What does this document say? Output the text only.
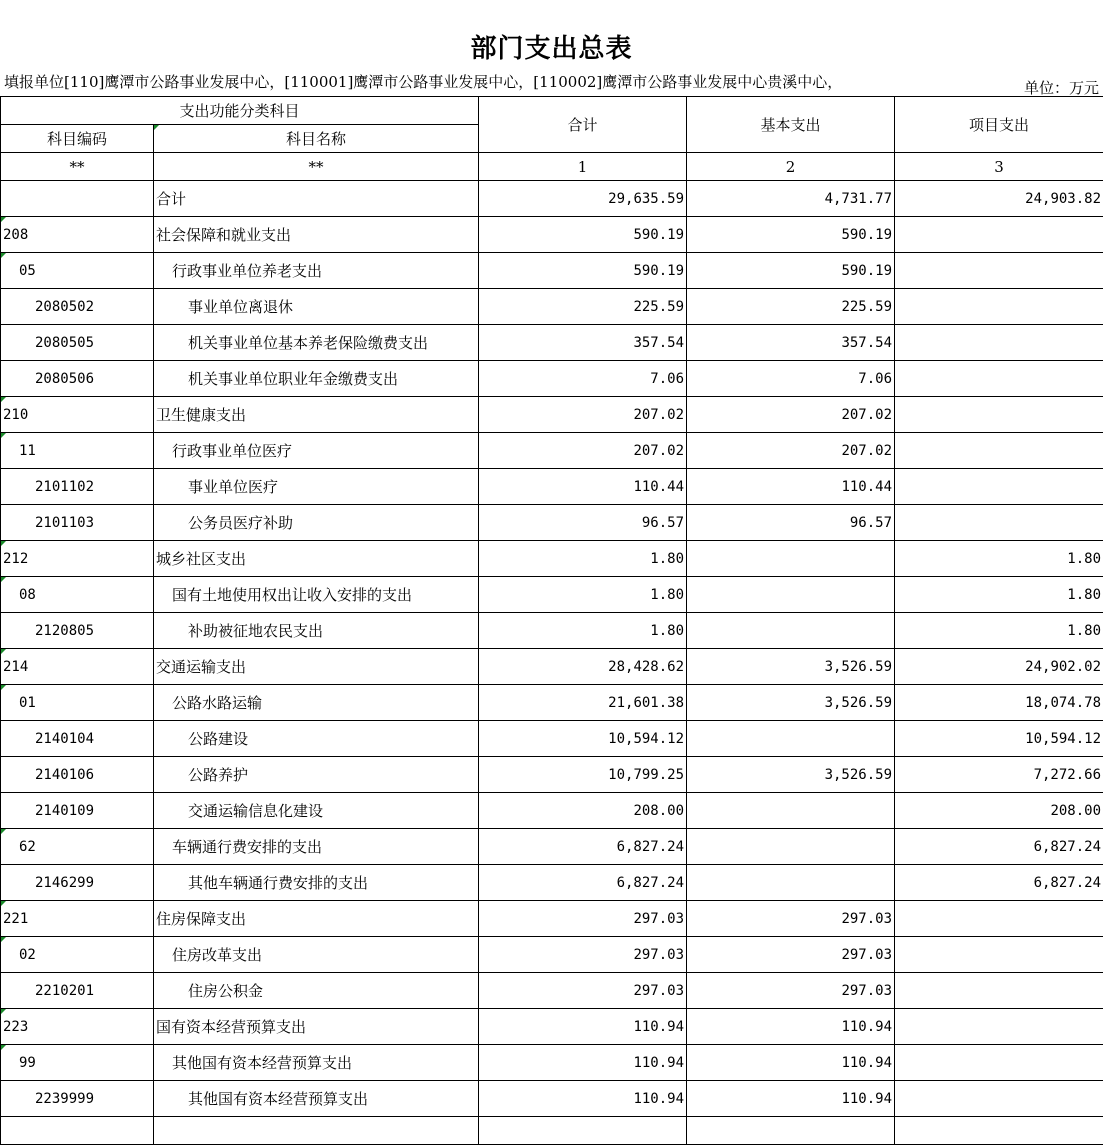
部门支出总表
填报单位[110]鹰潭市公路事业发展中心，[110001]鹰潭市公路事业发展中心，[110002]鹰潭市公路事业发展中心贵溪中心，	单位：万元
支出功能分类科目		合计	基本支出	项目支出
科目编码	科目名称			
**	**	1	2	3
	合计	29,635.59	4,731.77	24,903.82
208	社会保障和就业支出	590.19	590.19	
05	行政事业单位养老支出	590.19	590.19	
2080502	事业单位离退休	225.59	225.59	
2080505	机关事业单位基本养老保险缴费支出	357.54	357.54	
2080506	机关事业单位职业年金缴费支出	7.06	7.06	
210	卫生健康支出	207.02	207.02	
11	行政事业单位医疗	207.02	207.02	
2101102	事业单位医疗	110.44	110.44	
2101103	公务员医疗补助	96.57	96.57	
212	城乡社区支出	1.80		1.80
08	国有土地使用权出让收入安排的支出	1.80		1.80
2120805	补助被征地农民支出	1.80		1.80
214	交通运输支出	28,428.62	3,526.59	24,902.02
01	公路水路运输	21,601.38	3,526.59	18,074.78
2140104	公路建设	10,594.12		10,594.12
2140106	公路养护	10,799.25	3,526.59	7,272.66
2140109	交通运输信息化建设	208.00		208.00
62	车辆通行费安排的支出	6,827.24		6,827.24
2146299	其他车辆通行费安排的支出	6,827.24		6,827.24
221	住房保障支出	297.03	297.03	
02	住房改革支出	297.03	297.03	
2210201	住房公积金	297.03	297.03	
223	国有资本经营预算支出	110.94	110.94	
99	其他国有资本经营预算支出	110.94	110.94	
2239999	其他国有资本经营预算支出	110.94	110.94	
